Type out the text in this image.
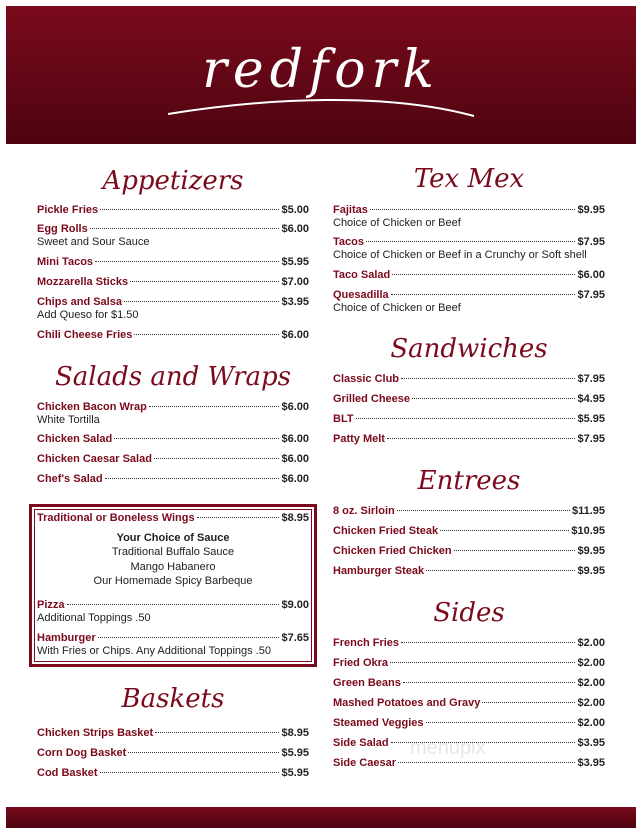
redfork
Appetizers
Pickle Fries	$5.00
Egg Rolls	$6.00
Sweet and Sour Sauce
Mini Tacos	$5.95
Mozzarella Sticks	$7.00
Chips and Salsa	$3.95
Add Queso for $1.50
Chili Cheese Fries	$6.00
Salads and Wraps
Chicken Bacon Wrap	$6.00
White Tortilla
Chicken Salad	$6.00
Chicken Caesar Salad	$6.00
Chef's Salad	$6.00
Traditional or Boneless Wings	$8.95
Your Choice of Sauce
Traditional Buffalo Sauce
Mango Habanero
Our Homemade Spicy Barbeque
Pizza	$9.00
Additional Toppings .50
Hamburger	$7.65
With Fries or Chips. Any Additional Toppings .50
Baskets
Chicken Strips Basket	$8.95
Corn Dog Basket	$5.95
Cod Basket	$5.95
Tex Mex
Fajitas	$9.95
Choice of Chicken or Beef
Tacos	$7.95
Choice of Chicken or Beef in a Crunchy or Soft shell
Taco Salad	$6.00
Quesadilla	$7.95
Choice of Chicken or Beef
Sandwiches
Classic Club	$7.95
Grilled Cheese	$4.95
BLT	$5.95
Patty Melt	$7.95
Entrees
8 oz. Sirloin	$11.95
Chicken Fried Steak	$10.95
Chicken Fried Chicken	$9.95
Hamburger Steak	$9.95
Sides
French Fries	$2.00
Fried Okra	$2.00
Green Beans	$2.00
Mashed Potatoes and Gravy	$2.00
Steamed Veggies	$2.00
Side Salad	$3.95
Side Caesar	$3.95
menupix
